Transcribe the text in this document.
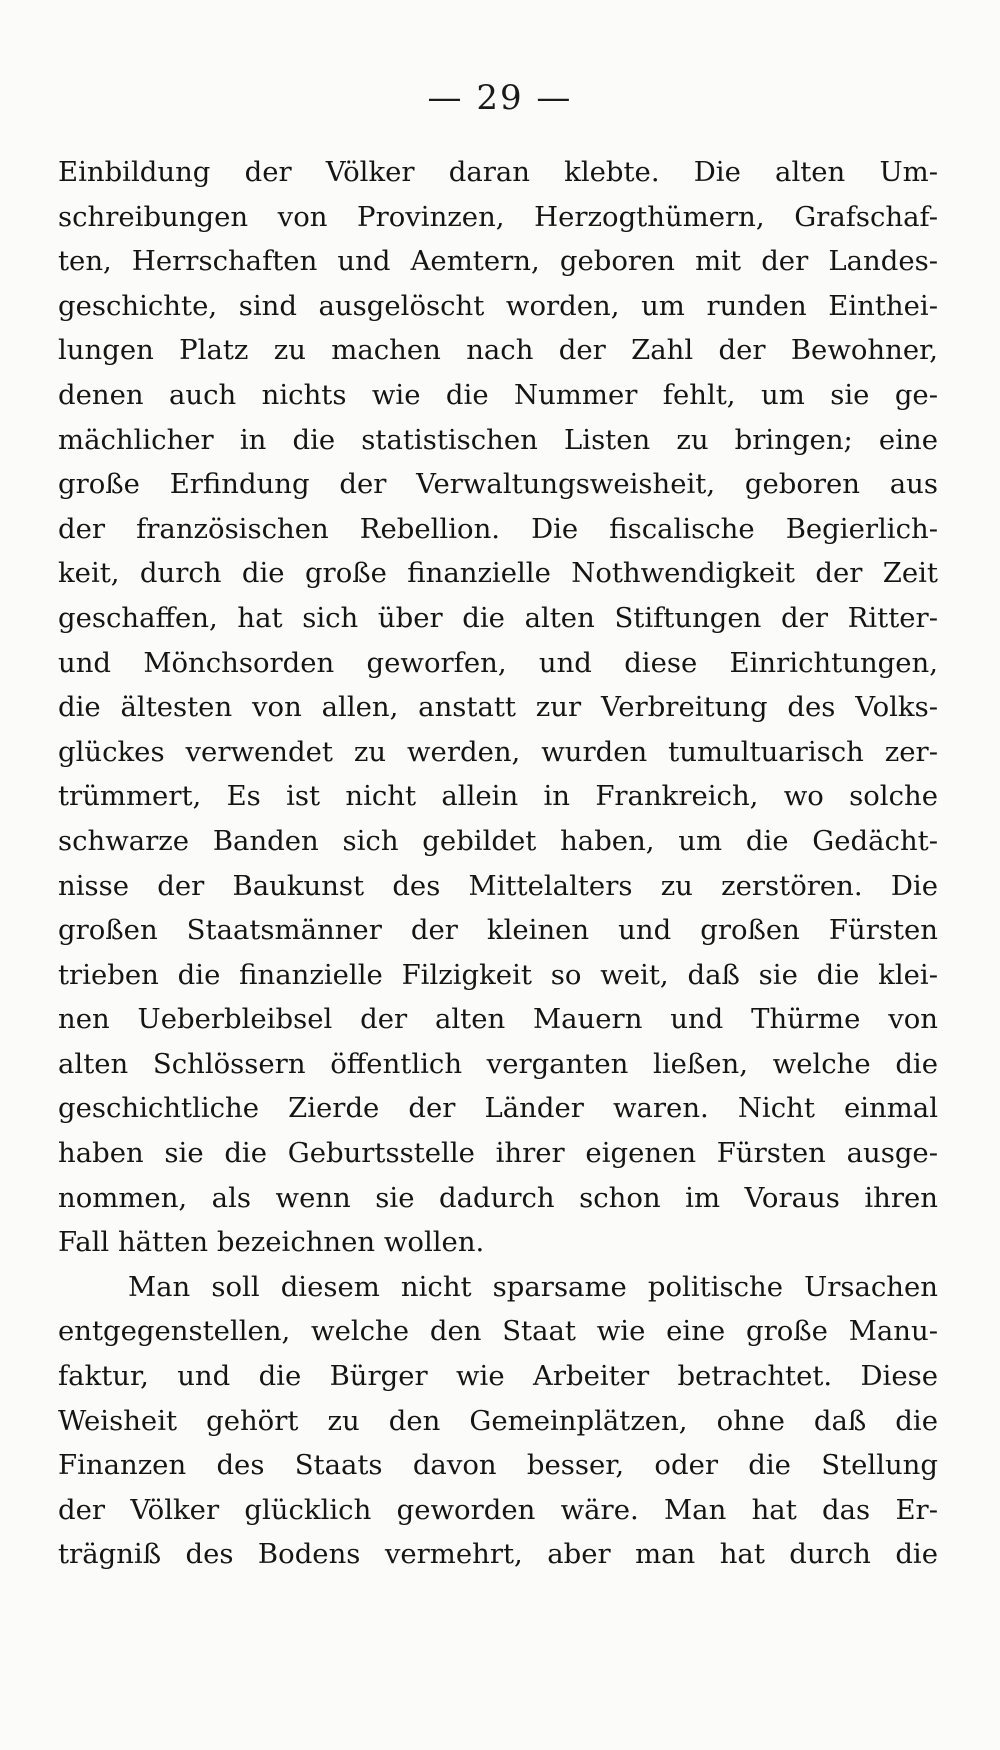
— 29 —
Einbildung der Völker daran klebte. Die alten Um-
schreibungen von Provinzen, Herzogthümern, Grafschaf-
ten, Herrschaften und Aemtern, geboren mit der Landes-
geschichte, sind ausgelöscht worden, um runden Einthei-
lungen Platz zu machen nach der Zahl der Bewohner,
denen auch nichts wie die Nummer fehlt, um sie ge-
mächlicher in die statistischen Listen zu bringen; eine
große Erfindung der Verwaltungsweisheit, geboren aus
der französischen Rebellion. Die fiscalische Begierlich-
keit, durch die große finanzielle Nothwendigkeit der Zeit
geschaffen, hat sich über die alten Stiftungen der Ritter-
und Mönchsorden geworfen, und diese Einrichtungen,
die ältesten von allen, anstatt zur Verbreitung des Volks-
glückes verwendet zu werden, wurden tumultuarisch zer-
trümmert, Es ist nicht allein in Frankreich, wo solche
schwarze Banden sich gebildet haben, um die Gedächt-
nisse der Baukunst des Mittelalters zu zerstören. Die
großen Staatsmänner der kleinen und großen Fürsten
trieben die finanzielle Filzigkeit so weit, daß sie die klei-
nen Ueberbleibsel der alten Mauern und Thürme von
alten Schlössern öffentlich verganten ließen, welche die
geschichtliche Zierde der Länder waren. Nicht einmal
haben sie die Geburtsstelle ihrer eigenen Fürsten ausge-
nommen, als wenn sie dadurch schon im Voraus ihren
Fall hätten bezeichnen wollen.
Man soll diesem nicht sparsame politische Ursachen
entgegenstellen, welche den Staat wie eine große Manu-
faktur, und die Bürger wie Arbeiter betrachtet. Diese
Weisheit gehört zu den Gemeinplätzen, ohne daß die
Finanzen des Staats davon besser, oder die Stellung
der Völker glücklich geworden wäre. Man hat das Er-
trägniß des Bodens vermehrt, aber man hat durch die
